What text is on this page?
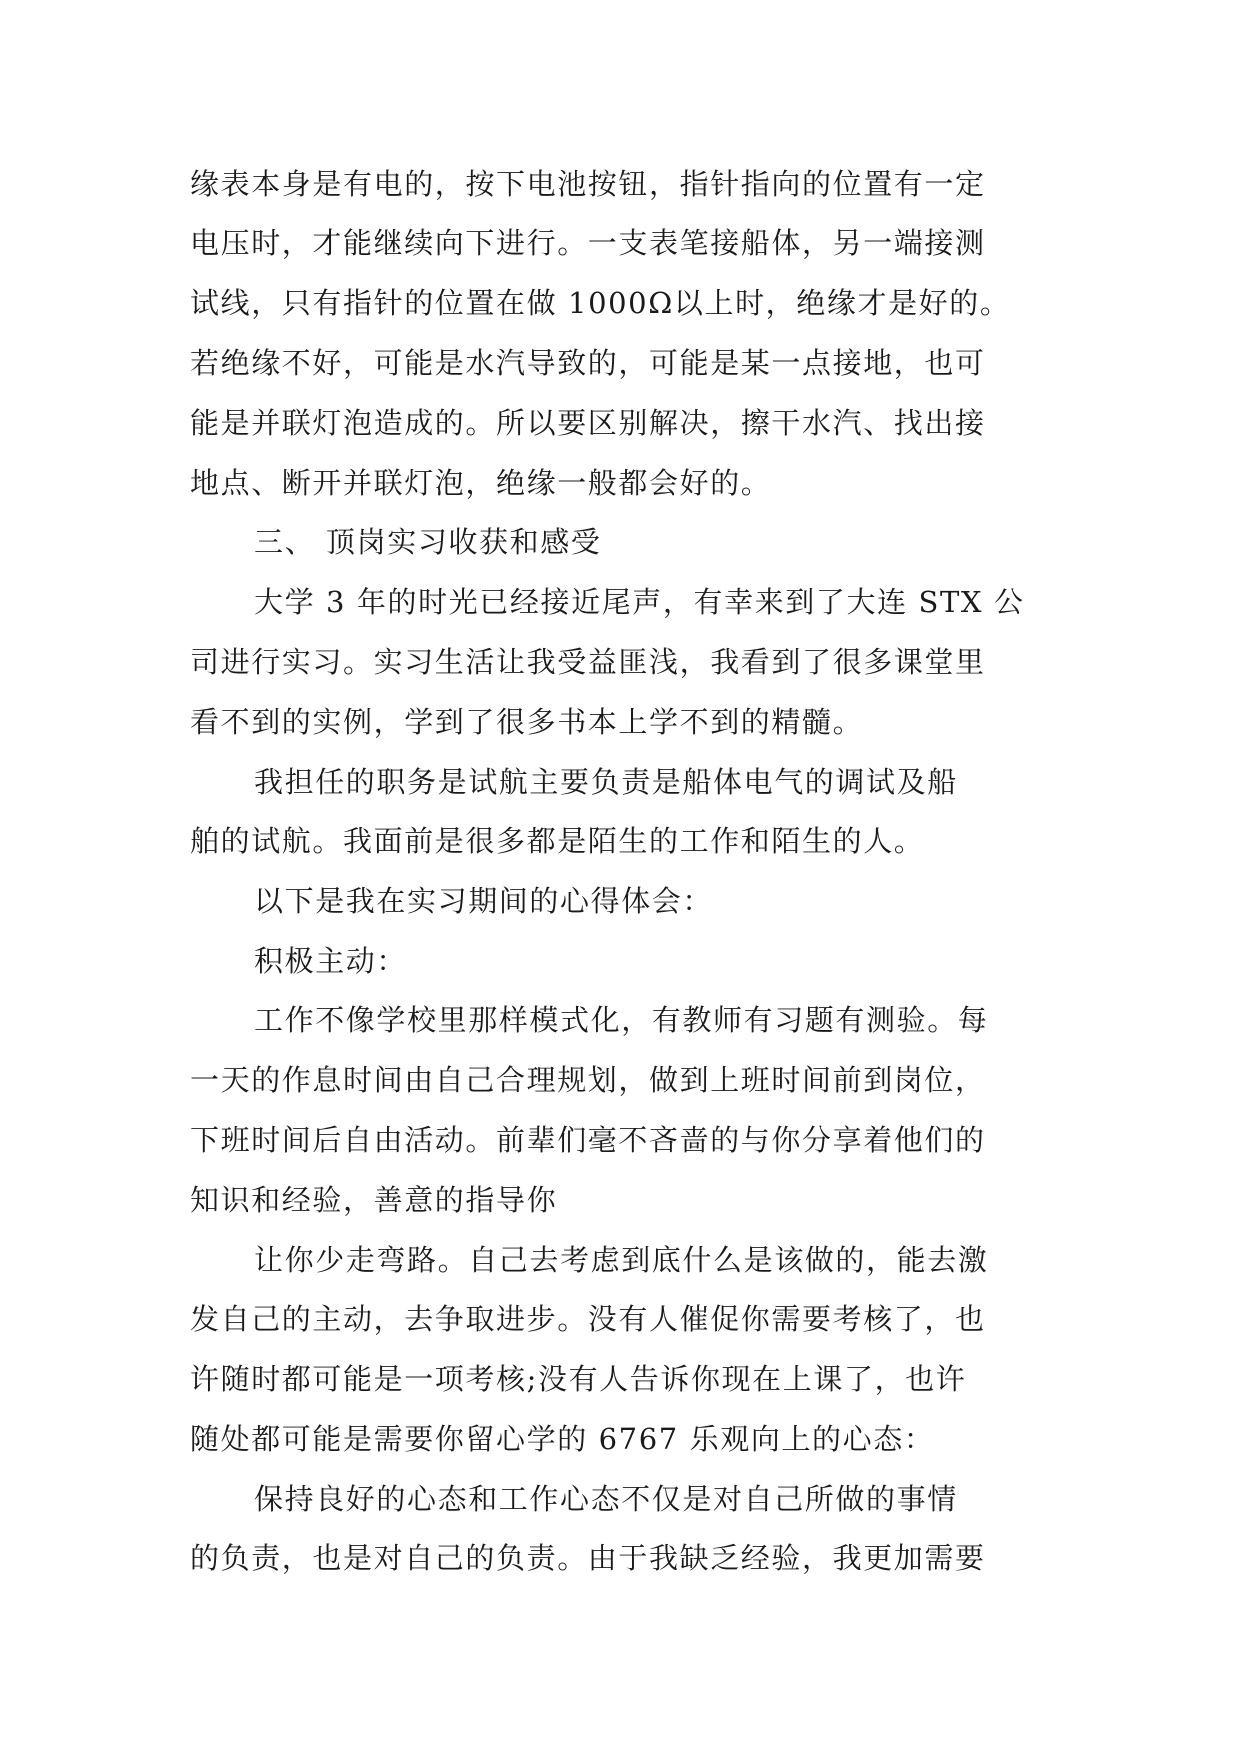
缘表本身是有电的，按下电池按钮，指针指向的位置有一定
电压时，才能继续向下进行。一支表笔接船体，另一端接测
试线，只有指针的位置在做 1000Ω以上时，绝缘才是好的。
若绝缘不好，可能是水汽导致的，可能是某一点接地，也可
能是并联灯泡造成的。所以要区别解决，擦干水汽、找出接
地点、断开并联灯泡，绝缘一般都会好的。
三、 顶岗实习收获和感受
大学 3 年的时光已经接近尾声，有幸来到了大连 STX 公
司进行实习。实习生活让我受益匪浅，我看到了很多课堂里
看不到的实例，学到了很多书本上学不到的精髓。
我担任的职务是试航主要负责是船体电气的调试及船
舶的试航。我面前是很多都是陌生的工作和陌生的人。
以下是我在实习期间的心得体会：
积极主动：
工作不像学校里那样模式化，有教师有习题有测验。每
一天的作息时间由自己合理规划，做到上班时间前到岗位，
下班时间后自由活动。前辈们毫不吝啬的与你分享着他们的
知识和经验，善意的指导你
让你少走弯路。自己去考虑到底什么是该做的，能去激
发自己的主动，去争取进步。没有人催促你需要考核了，也
许随时都可能是一项考核;没有人告诉你现在上课了，也许
随处都可能是需要你留心学的 6767 乐观向上的心态：
保持良好的心态和工作心态不仅是对自己所做的事情
的负责，也是对自己的负责。由于我缺乏经验，我更加需要
